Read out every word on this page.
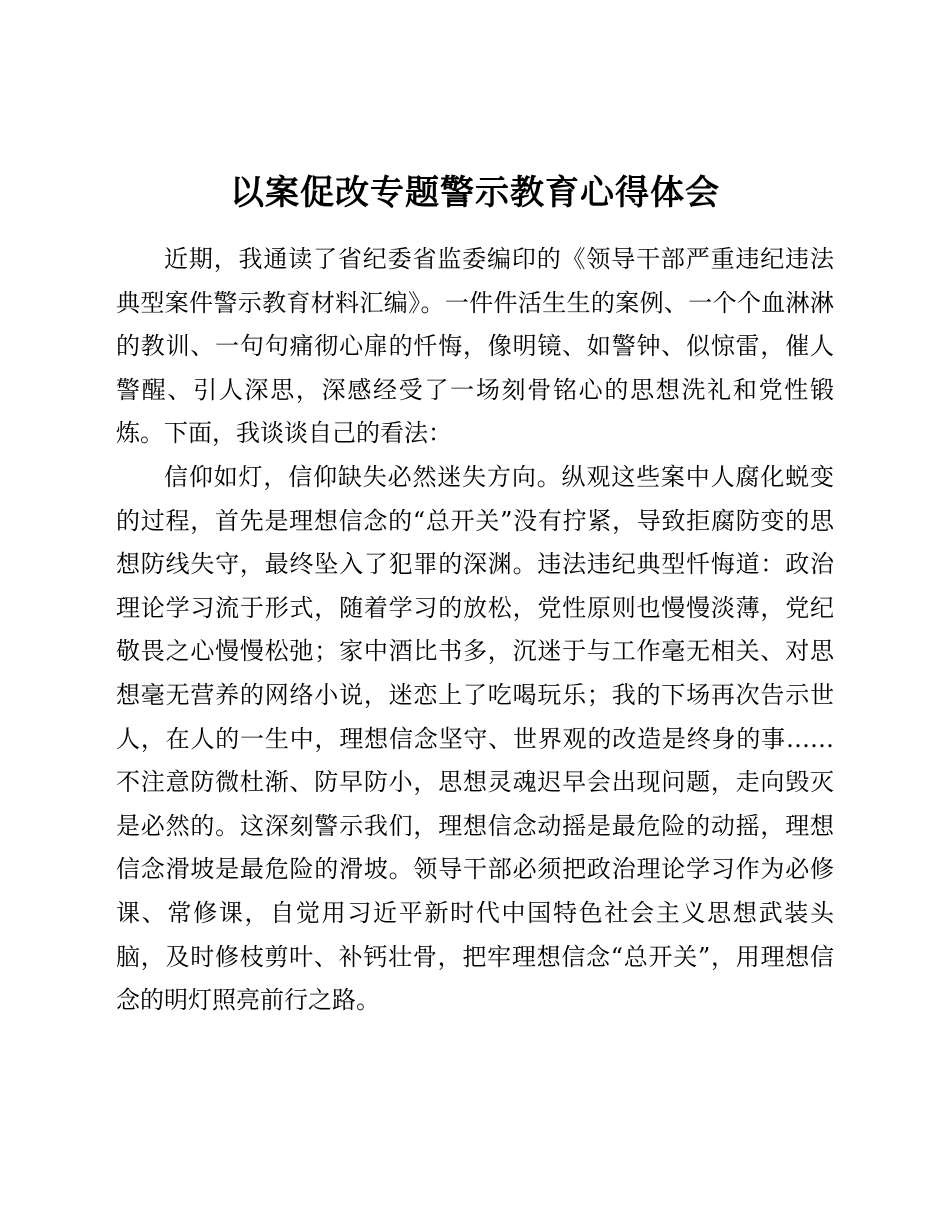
以案促改专题警示教育心得体会

近期，我通读了省纪委省监委编印的《领导干部严重违纪违法典型案件警示教育材料汇编》。一件件活生生的案例、一个个血淋淋的教训、一句句痛彻心扉的忏悔，像明镜、如警钟、似惊雷，催人警醒、引人深思，深感经受了一场刻骨铭心的思想洗礼和党性锻炼。下面，我谈谈自己的看法：

信仰如灯，信仰缺失必然迷失方向。纵观这些案中人腐化蜕变的过程，首先是理想信念的“总开关”没有拧紧，导致拒腐防变的思想防线失守，最终坠入了犯罪的深渊。违法违纪典型忏悔道：政治理论学习流于形式，随着学习的放松，党性原则也慢慢淡薄，党纪敬畏之心慢慢松弛；家中酒比书多，沉迷于与工作毫无相关、对思想毫无营养的网络小说，迷恋上了吃喝玩乐；我的下场再次告示世人，在人的一生中，理想信念坚守、世界观的改造是终身的事……不注意防微杜渐、防早防小，思想灵魂迟早会出现问题，走向毁灭是必然的。这深刻警示我们，理想信念动摇是最危险的动摇，理想信念滑坡是最危险的滑坡。领导干部必须把政治理论学习作为必修课、常修课，自觉用习近平新时代中国特色社会主义思想武装头脑，及时修枝剪叶、补钙壮骨，把牢理想信念“总开关”，用理想信念的明灯照亮前行之路。
